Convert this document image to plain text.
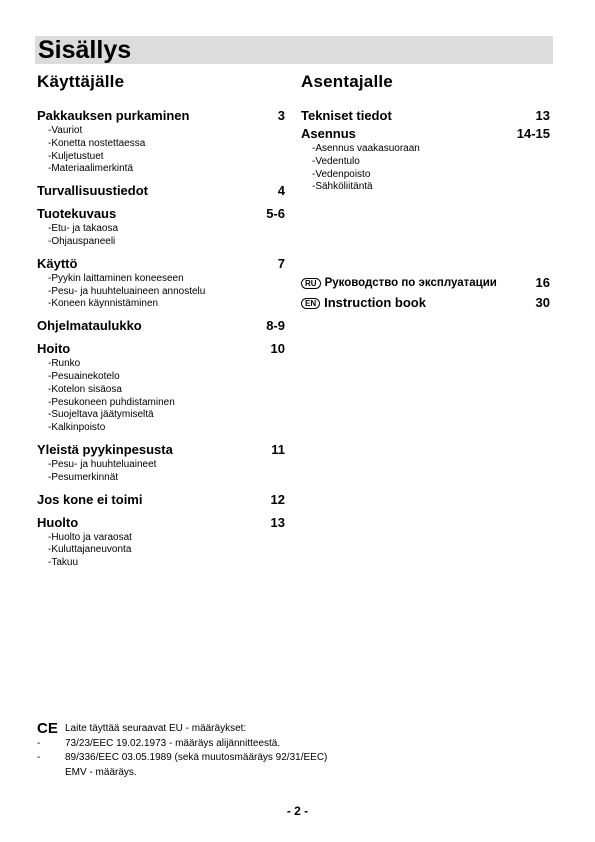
Sisällys
Käyttäjälle
Pakkauksen purkaminen	3
-Vauriot
-Konetta nostettaessa
-Kuljetustuet
-Materiaalimerkintä
Turvallisuustiedot	4
Tuotekuvaus	5-6
-Etu- ja takaosa
-Ohjauspaneeli
Käyttö	7
-Pyykin laittaminen koneeseen
-Pesu- ja huuhteluaineen annostelu
-Koneen käynnistäminen
Ohjelmataulukko	8-9
Hoito	10
-Runko
-Pesuainekotelo
-Kotelon sisäosa
-Pesukoneen puhdistaminen
-Suojeltava jäätymiseltä
-Kalkinpoisto
Yleistä pyykinpesusta	11
-Pesu- ja huuhteluaineet
-Pesumerkinnät
Jos kone ei toimi	12
Huolto	13
-Huolto ja varaosat
-Kuluttajaneuvonta
-Takuu
Asentajalle
Tekniset tiedot	13
Asennus	14-15
-Asennus vaakasuoraan
-Vedentulo
-Vedenpoisto
-Sähköliitäntä
RU Руководство по эксплуатации	16
EN Instruction book	30
CE Laite täyttää seuraavat EU - määräykset:
-	73/23/EEC 19.02.1973 - määräys alijännitteestä.
-	89/336/EEC 03.05.1989 (sekä muutosmääräys 92/31/EEC)
EMV - määräys.
- 2 -
